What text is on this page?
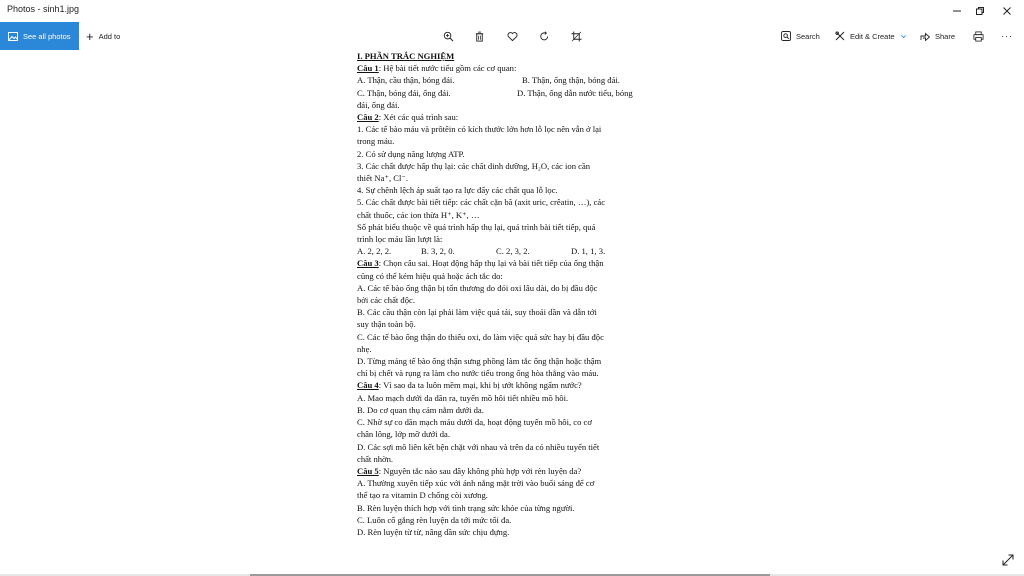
Photos - sinh1.jpg
See all photos + Add to	Search	Edit & Create	Share	···

I. PHẦN TRẮC NGHIỆM

Câu 1: Hệ bài tiết nước tiểu gồm các cơ quan:

A. Thận, cầu thận, bóng đái.	B. Thận, ống thận, bóng đái.

C. Thận, bóng đái, ống đái.	D. Thận, ống dẫn nước tiểu, bóng

đái, ống đái.

Câu 2: Xét các quá trình sau:

1. Các tế bào máu và prôtêin có kích thước lớn hơn lỗ lọc nên vẫn ở lại

trong máu.

2. Có sử dụng năng lượng ATP.

3. Các chất được hấp thụ lại: các chất dinh dưỡng, H₂O, các ion cần

thiết Na⁺, Cl⁻.

4. Sự chênh lệch áp suất tạo ra lực đẩy các chất qua lỗ lọc.

5. Các chất được bài tiết tiếp: các chất cặn bã (axit uric, crêatin, …), các

chất thuốc, các ion thừa H⁺, K⁺, …

Số phát biểu thuộc về quá trình hấp thụ lại, quá trình bài tiết tiếp, quá

trình lọc máu lần lượt là:

A. 2, 2, 2.	B. 3, 2, 0.	C. 2, 3, 2.	D. 1, 1, 3.

Câu 3: Chọn câu sai. Hoạt động hấp thụ lại và bài tiết tiếp của ống thận

cũng có thể kém hiệu quả hoặc ách tắc do:

A. Các tế bào ống thận bị tổn thương do đói oxi lâu dài, do bị đầu độc

bởi các chất độc.

B. Các cầu thận còn lại phải làm việc quá tải, suy thoái dần và dẫn tới

suy thận toàn bộ.

C. Các tế bào ống thận do thiếu oxi, do làm việc quá sức hay bị đầu độc

nhẹ.

D. Từng mảng tế bào ống thận sưng phồng làm tắc ống thận hoặc thậm

chí bị chết và rụng ra làm cho nước tiểu trong ống hòa thẳng vào máu.

Câu 4: Vì sao da ta luôn mềm mại, khi bị ướt không ngấm nước?

A. Mao mạch dưới da dãn ra, tuyến mồ hôi tiết nhiều mồ hôi.

B. Do cơ quan thụ cảm nằm dưới da.

C. Nhờ sự co dãn mạch máu dưới da, hoạt động tuyến mồ hôi, co cơ

chân lông, lớp mỡ dưới da.

D. Các sợi mô liên kết bện chặt với nhau và trên da có nhiều tuyến tiết

chất nhờn.

Câu 5: Nguyên tắc nào sau đây không phù hợp với rèn luyện da?

A. Thường xuyên tiếp xúc với ánh nắng mặt trời vào buổi sáng để cơ

thể tạo ra vitamin D chống còi xương.

B. Rèn luyện thích hợp với tình trạng sức khỏe của từng người.

C. Luôn cố gắng rèn luyện da tới mức tối đa.

D. Rèn luyện từ từ, nâng dần sức chịu đựng.
